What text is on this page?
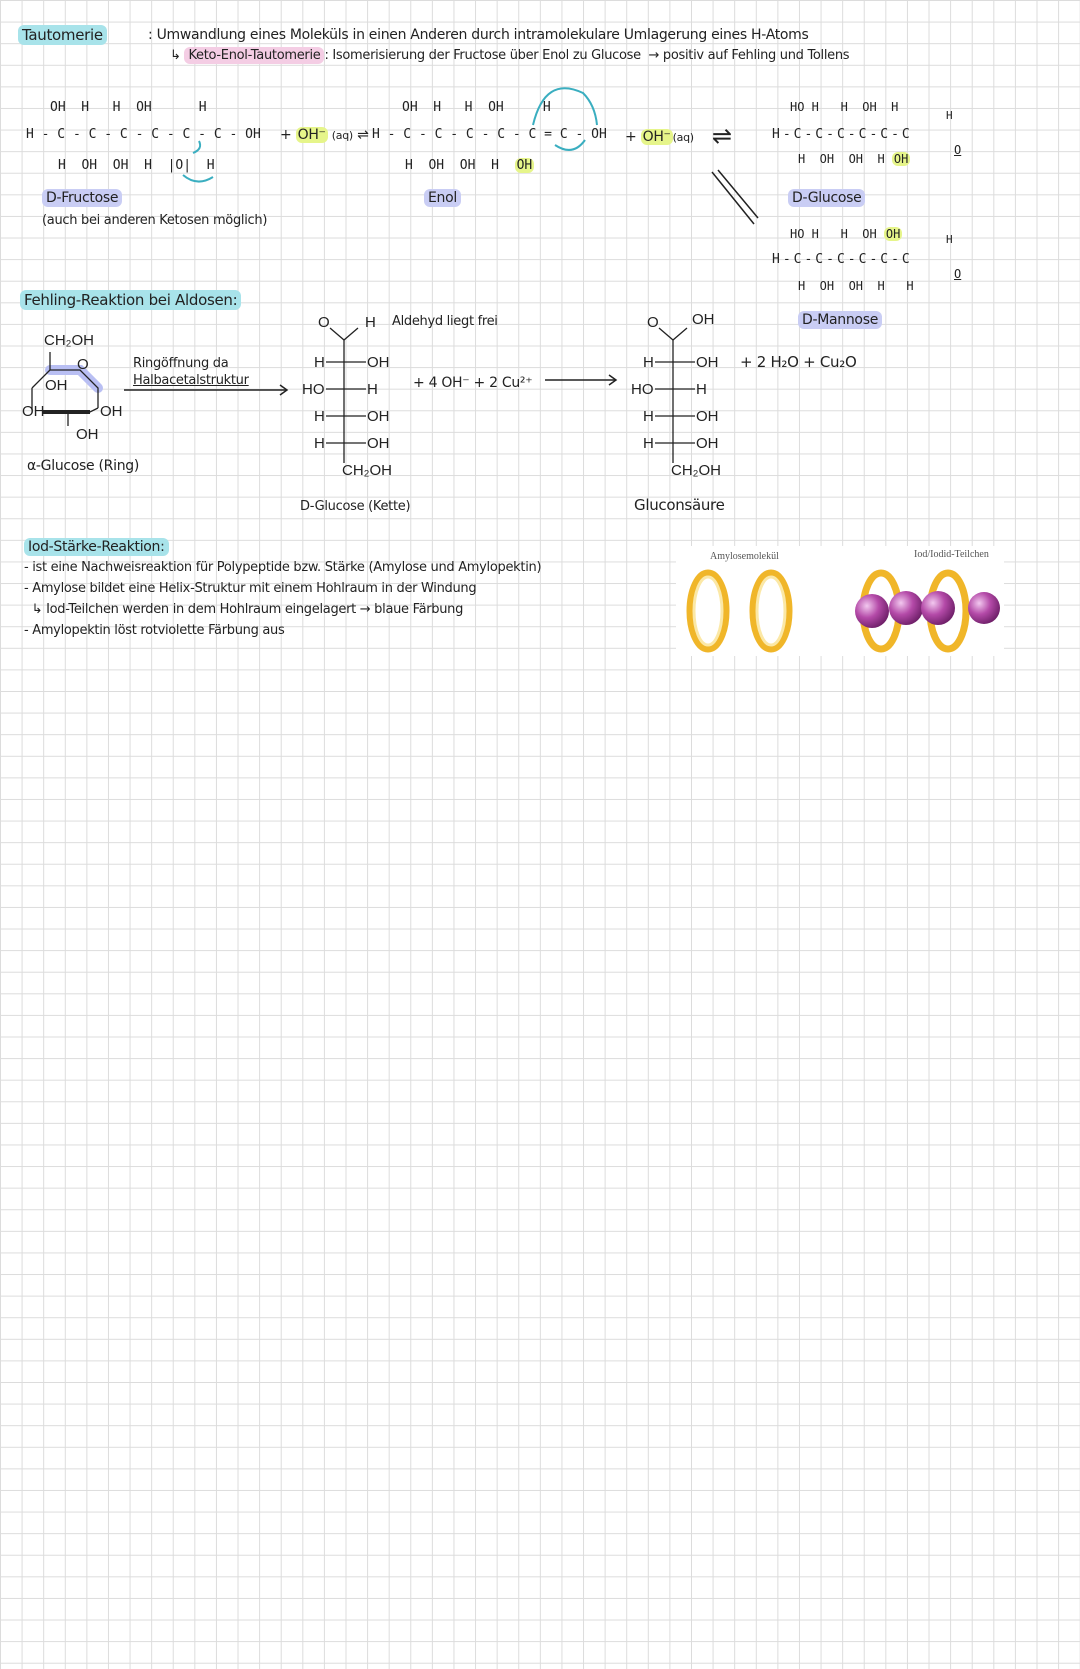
Tautomerie	: Umwandlung eines Moleküls in einen Anderen durch intramolekulare Umlagerung eines H-Atoms
↳ Keto-Enol-Tautomerie : Isomerisierung der Fructose über Enol zu Glucose  → positiv auf Fehling und Tollens
OH  H   H  OH      H
H - C - C - C - C - C - C - OH
H  OH  OH  H  |O|  H
+ OH⁻ (aq) ⇌
D-Fructose
(auch bei anderen Ketosen möglich)
OH  H   H  OH     H
H - C - C - C - C - C = C - OH
H  OH  OH  H  OH
Enol
+ OH⁻ (aq) ⇌
HO H   H  OH  H
H-C-C-C-C-C-C
H
O
H  OH  OH  H OH
D-Glucose
HO H   H  OH OH
H-C-C-C-C-C-C
H
O
H  OH  OH  H   H
D-Mannose
Fehling-Reaktion bei Aldosen:
CH₂OH
O
OH
OH	OH
OH
α-Glucose (Ring)
Ringöffnung da
Halbacetalstruktur
O H Aldehyd liegt frei
H	OH
HO	H
H	OH
H	OH
CH₂OH
D-Glucose (Kette)
+ 4 OH⁻ + 2 Cu²⁺
O OH
H	OH
HO	H
H	OH
H	OH
CH₂OH
Gluconsäure
+ 2 H₂O + Cu₂O
Iod-Stärke-Reaktion:
- ist eine Nachweisreaktion für Polypeptide bzw. Stärke (Amylose und Amylopektin)
- Amylose bildet eine Helix-Struktur mit einem Hohlraum in der Windung
↳ Iod-Teilchen werden in dem Hohlraum eingelagert → blaue Färbung
- Amylopektin löst rotviolette Färbung aus
Amylosemolekül	Iod/Iodid-Teilchen
